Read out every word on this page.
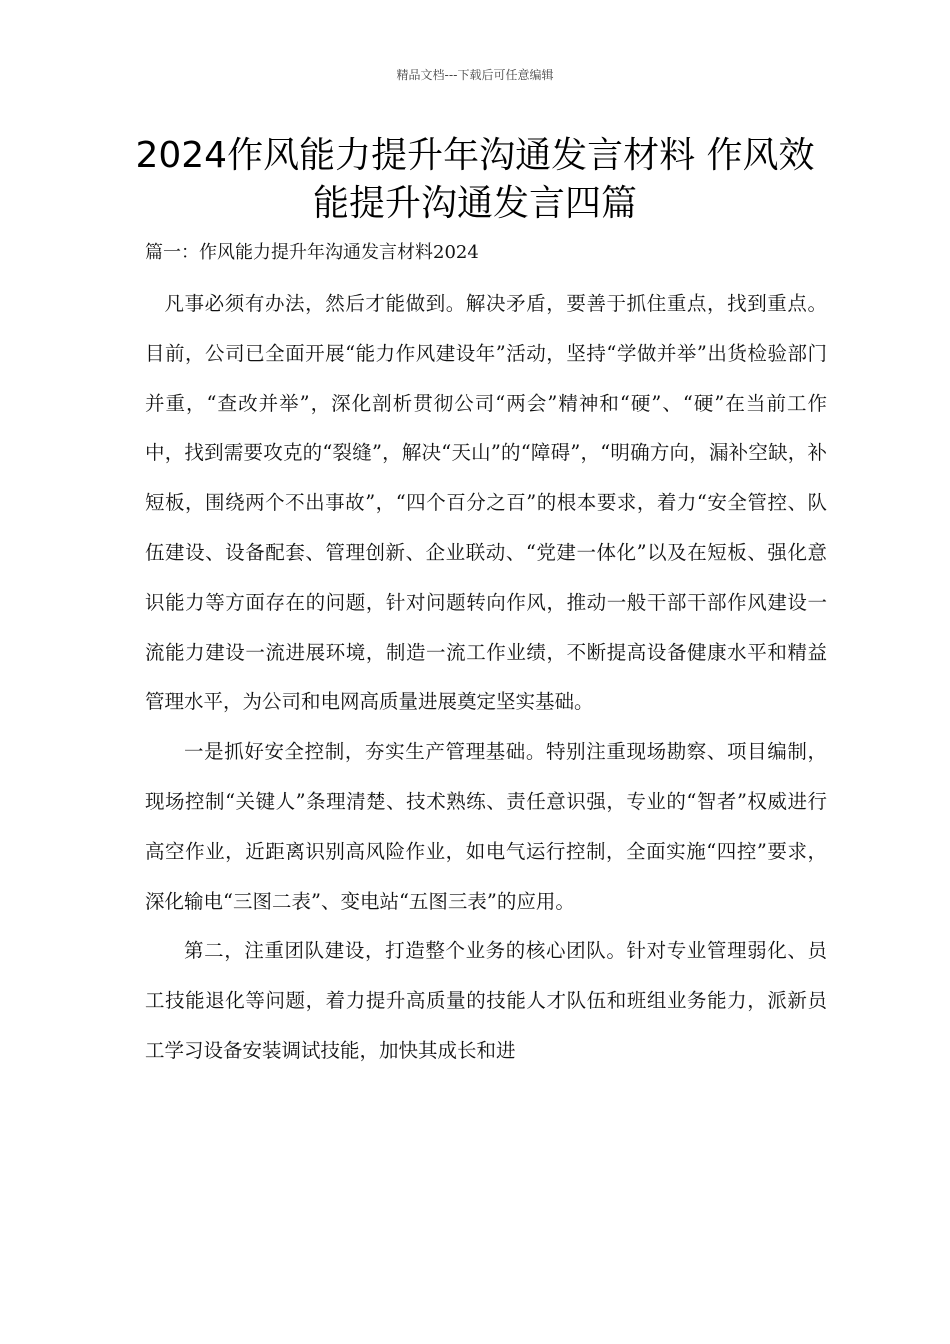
精品文档---下载后可任意编辑
2024作风能力提升年沟通发言材料 作风效能提升沟通发言四篇
篇一：作风能力提升年沟通发言材料2024

凡事必须有办法，然后才能做到。解决矛盾，要善于抓住重点，找到重点。目前，公司已全面开展“能力作风建设年”活动，坚持“学做并举”出货检验部门并重，“查改并举”，深化剖析贯彻公司“两会”精神和“硬”、“硬”在当前工作中，找到需要攻克的“裂缝”，解决“天山”的“障碍”，“明确方向，漏补空缺，补短板，围绕两个不出事故”，“四个百分之百”的根本要求，着力“安全管控、队伍建设、设备配套、管理创新、企业联动、“党建一体化”以及在短板、强化意识能力等方面存在的问题，针对问题转向作风，推动一般干部干部作风建设一流能力建设一流进展环境，制造一流工作业绩，不断提高设备健康水平和精益管理水平，为公司和电网高质量进展奠定坚实基础。

一是抓好安全控制，夯实生产管理基础。特别注重现场勘察、项目编制，现场控制“关键人”条理清楚、技术熟练、责任意识强，专业的“智者”权威进行高空作业，近距离识别高风险作业，如电气运行控制，全面实施“四控”要求，深化输电“三图二表”、变电站“五图三表”的应用。

第二，注重团队建设，打造整个业务的核心团队。针对专业管理弱化、员工技能退化等问题，着力提升高质量的技能人才队伍和班组业务能力，派新员工学习设备安装调试技能，加快其成长和进
